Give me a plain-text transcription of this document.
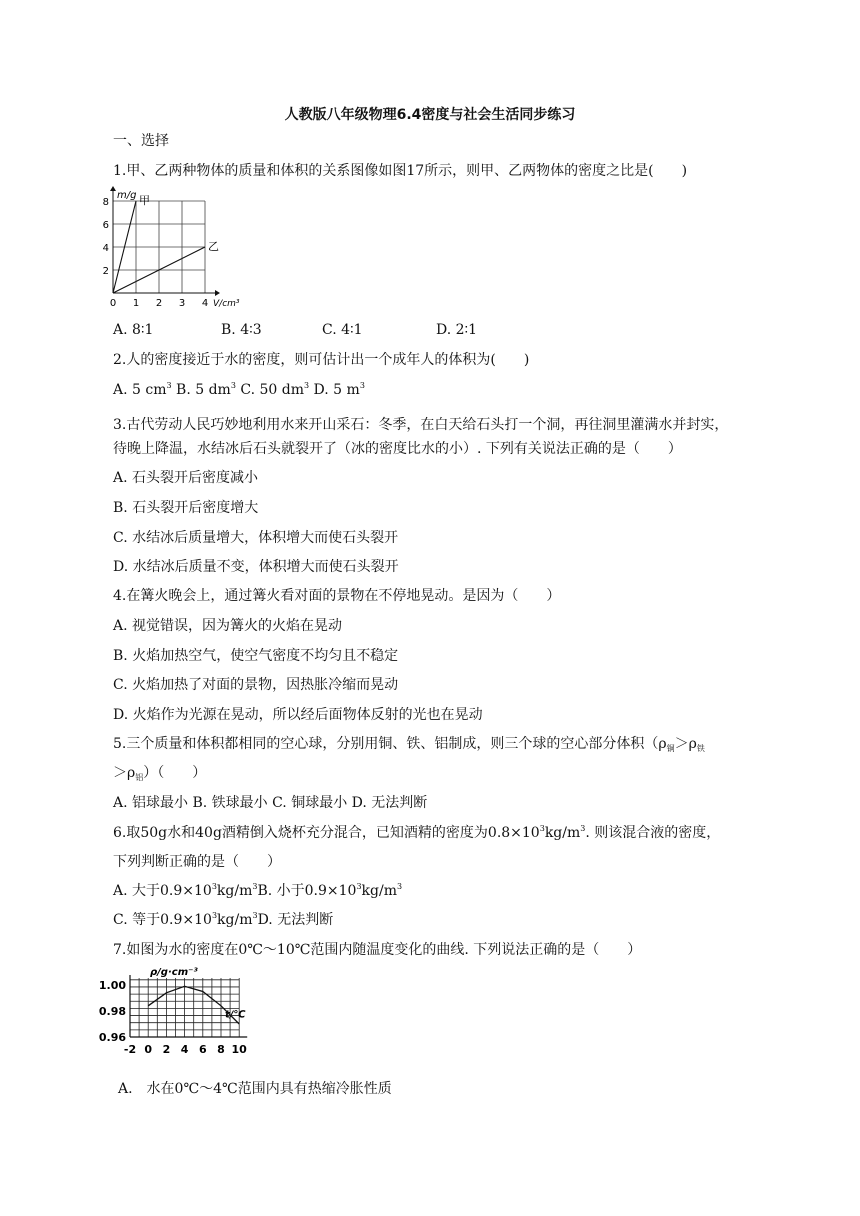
人教版八年级物理6.4密度与社会生活同步练习
一、选择
1.甲、乙两种物体的质量和体积的关系图像如图17所示，则甲、乙两物体的密度之比是(　　)
0 1 2 3 4
2
4
6
8
m/g
V/cm³
甲
乙
A. 8∶1	B. 4∶3	C. 4∶1	D. 2∶1
2.人的密度接近于水的密度，则可估计出一个成年人的体积为(　　)
A. 5 $cm^3$ B. 5 $dm^3$ C. 50 $dm^3$ D. 5 $m^3$
3.古代劳动人民巧妙地利用水来开山采石：冬季，在白天给石头打一个洞，再往洞里灌满水并封实，
待晚上降温，水结冰后石头就裂开了（冰的密度比水的小）. 下列有关说法正确的是（　　）
A. 石头裂开后密度减小
B. 石头裂开后密度增大
C. 水结冰后质量增大，体积增大而使石头裂开
D. 水结冰后质量不变，体积增大而使石头裂开
4.在篝火晚会上，通过篝火看对面的景物在不停地晃动。是因为（　　）
A. 视觉错误，因为篝火的火焰在晃动
B. 火焰加热空气，使空气密度不均匀且不稳定
C. 火焰加热了对面的景物，因热胀冷缩而晃动
D. 火焰作为光源在晃动，所以经后面物体反射的光也在晃动
5.三个质量和体积都相同的空心球，分别用铜、铁、铝制成，则三个球的空心部分体积（$\rho_铜>\rho_铁$
$>\rho_铝$）（　　）
A. 铝球最小 B. 铁球最小 C. 铜球最小 D. 无法判断
6.取50g水和40g酒精倒入烧杯充分混合，已知酒精的密度为$0.8\times 10^3kg/m^3$. 则该混合液的密度，
下列判断正确的是（　　）
A. 大于$0.9\times 10^3kg/m^3B$. 小于$0.9\times 10^3kg/m^3$
C. 等于$0.9\times 10^3kg/m^3D$. 无法判断
7.如图为水的密度在0℃～10℃范围内随温度变化的曲线. 下列说法正确的是（　　）
-2 0 2 4 6 8 10
0.96
0.98
1.00
ρ/g·cm⁻³
t/℃
A.　水在0℃～4℃范围内具有热缩冷胀性质
